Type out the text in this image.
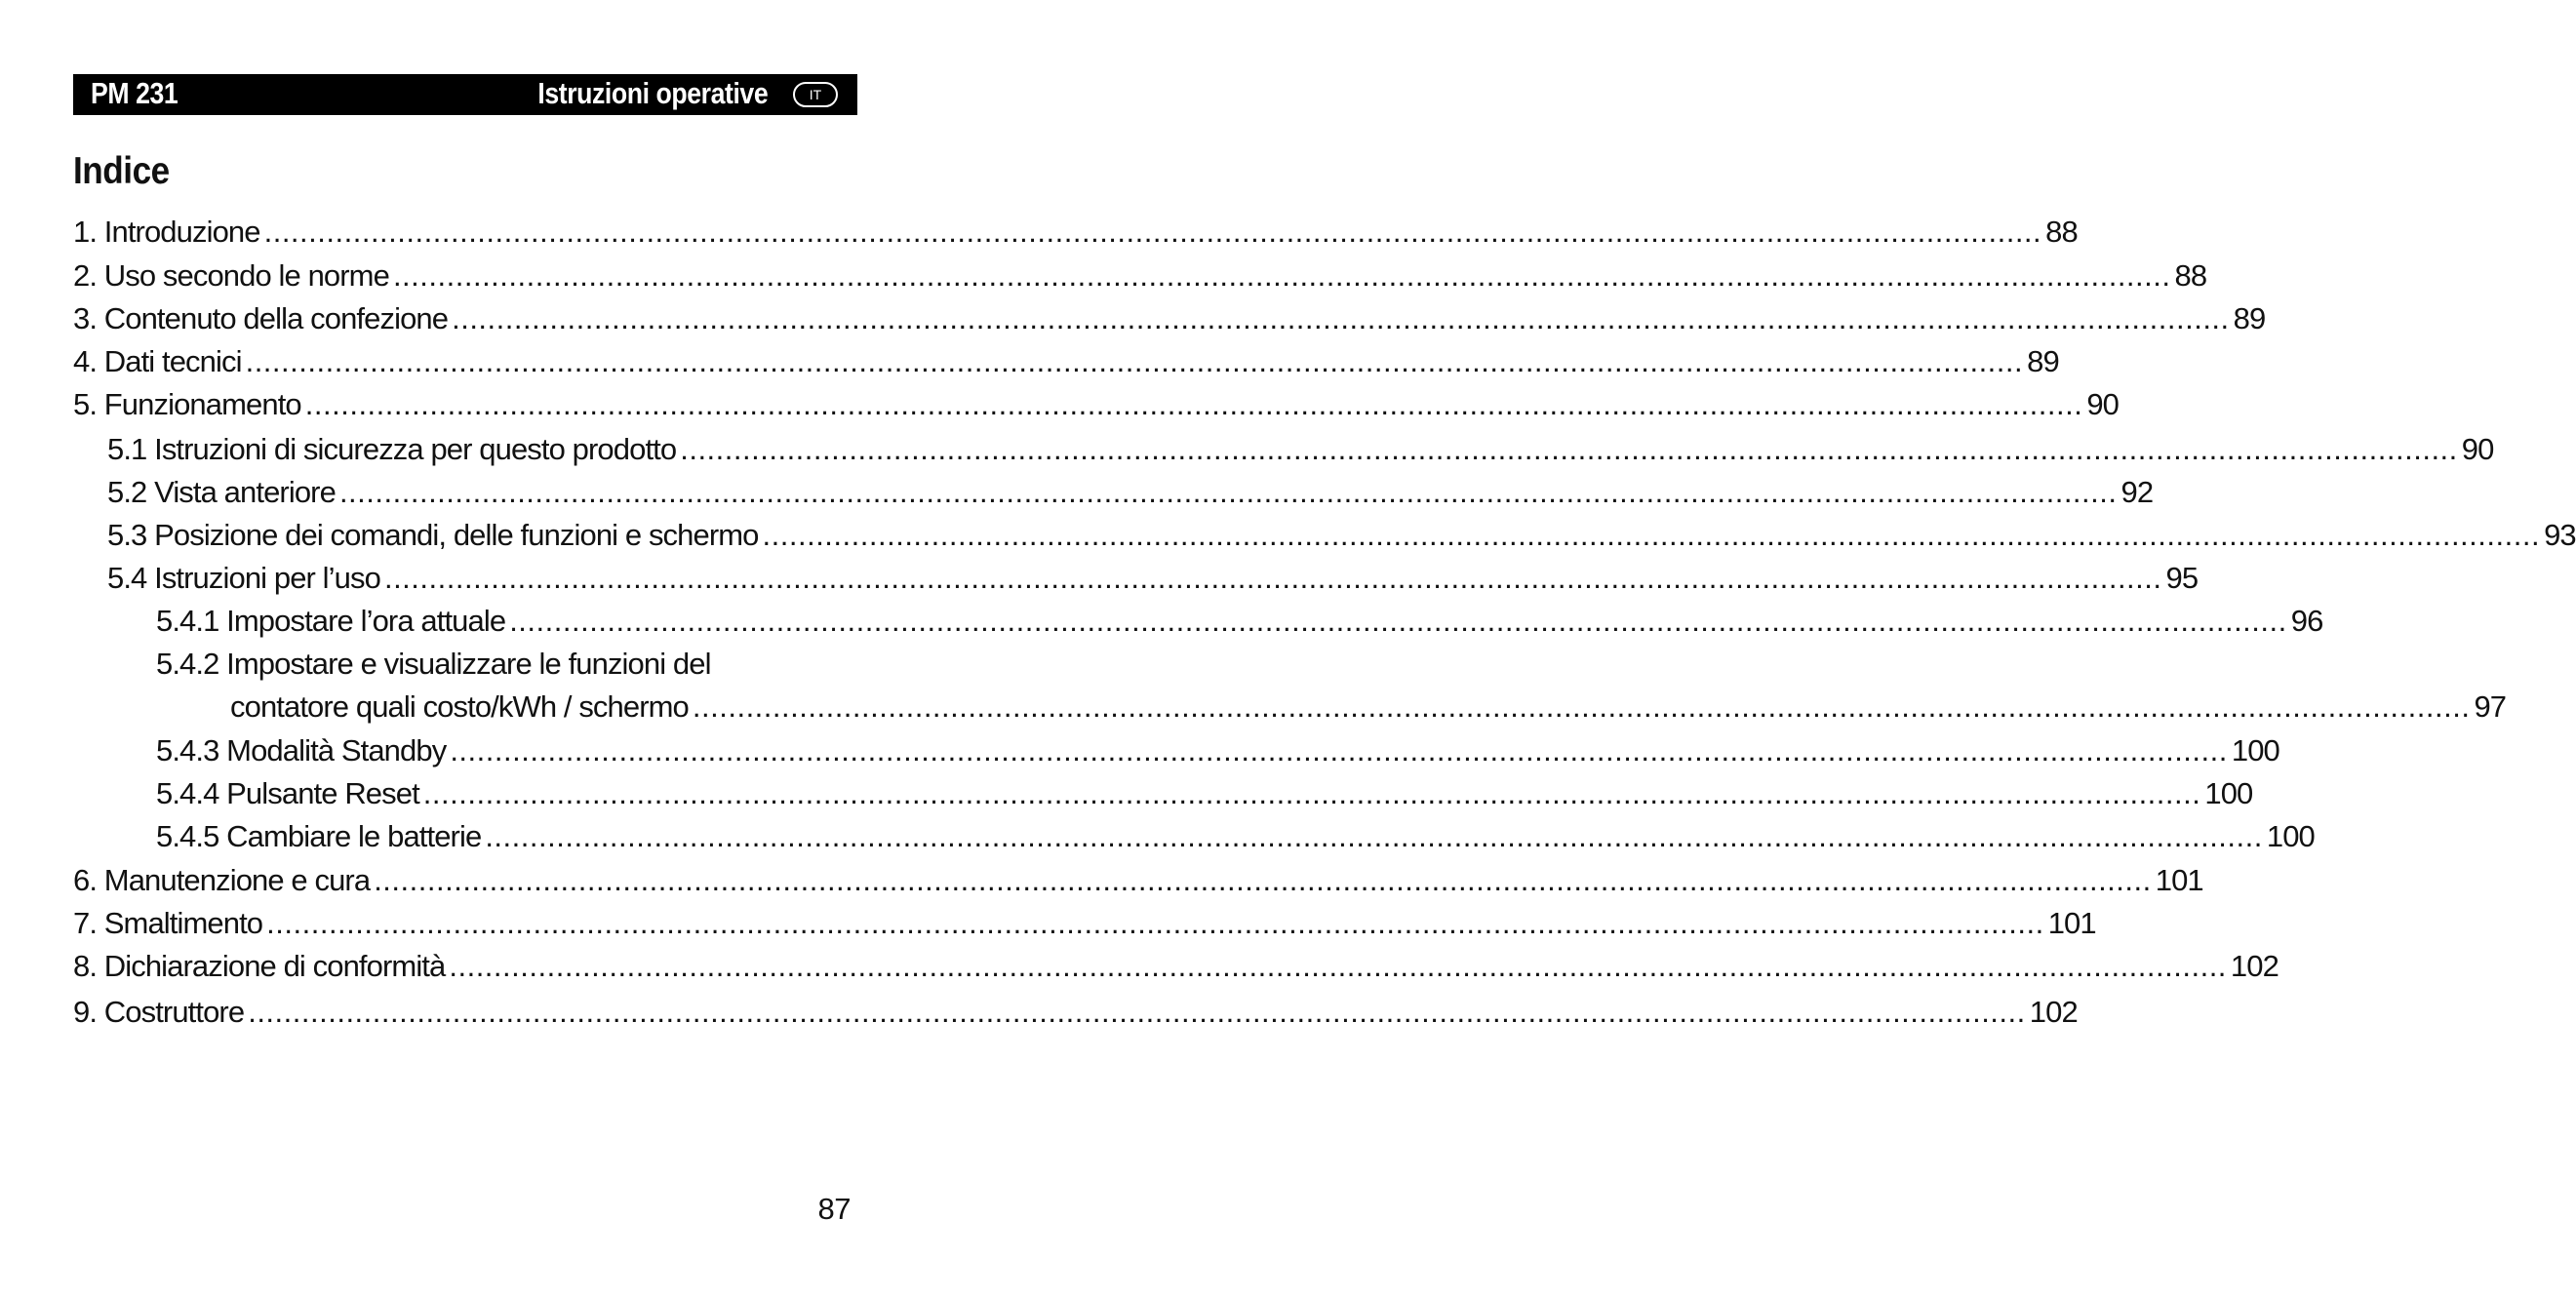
PM 231	Istruzioni operative	IT
Indice
1. Introduzione ........................................................................................................................................................................................................ 88
2. Uso secondo le norme ........................................................................................................................................................................................................ 88
3. Contenuto della confezione ........................................................................................................................................................................................................ 89
4. Dati tecnici ........................................................................................................................................................................................................ 89
5. Funzionamento ........................................................................................................................................................................................................ 90
5.1 Istruzioni di sicurezza per questo prodotto ........................................................................................................................................................................................................ 90
5.2 Vista anteriore ........................................................................................................................................................................................................ 92
5.3 Posizione dei comandi, delle funzioni e schermo ........................................................................................................................................................................................................ 93
5.4 Istruzioni per l’uso ........................................................................................................................................................................................................ 95
5.4.1 Impostare l’ora attuale ........................................................................................................................................................................................................ 96
5.4.2 Impostare e visualizzare le funzioni del
contatore quali costo/kWh / schermo ........................................................................................................................................................................................................ 97
5.4.3 Modalità Standby ........................................................................................................................................................................................................ 100
5.4.4 Pulsante Reset ........................................................................................................................................................................................................ 100
5.4.5 Cambiare le batterie ........................................................................................................................................................................................................ 100
6. Manutenzione e cura ........................................................................................................................................................................................................ 101
7. Smaltimento ........................................................................................................................................................................................................ 101
8. Dichiarazione di conformità ........................................................................................................................................................................................................ 102
9. Costruttore ........................................................................................................................................................................................................ 102
87
